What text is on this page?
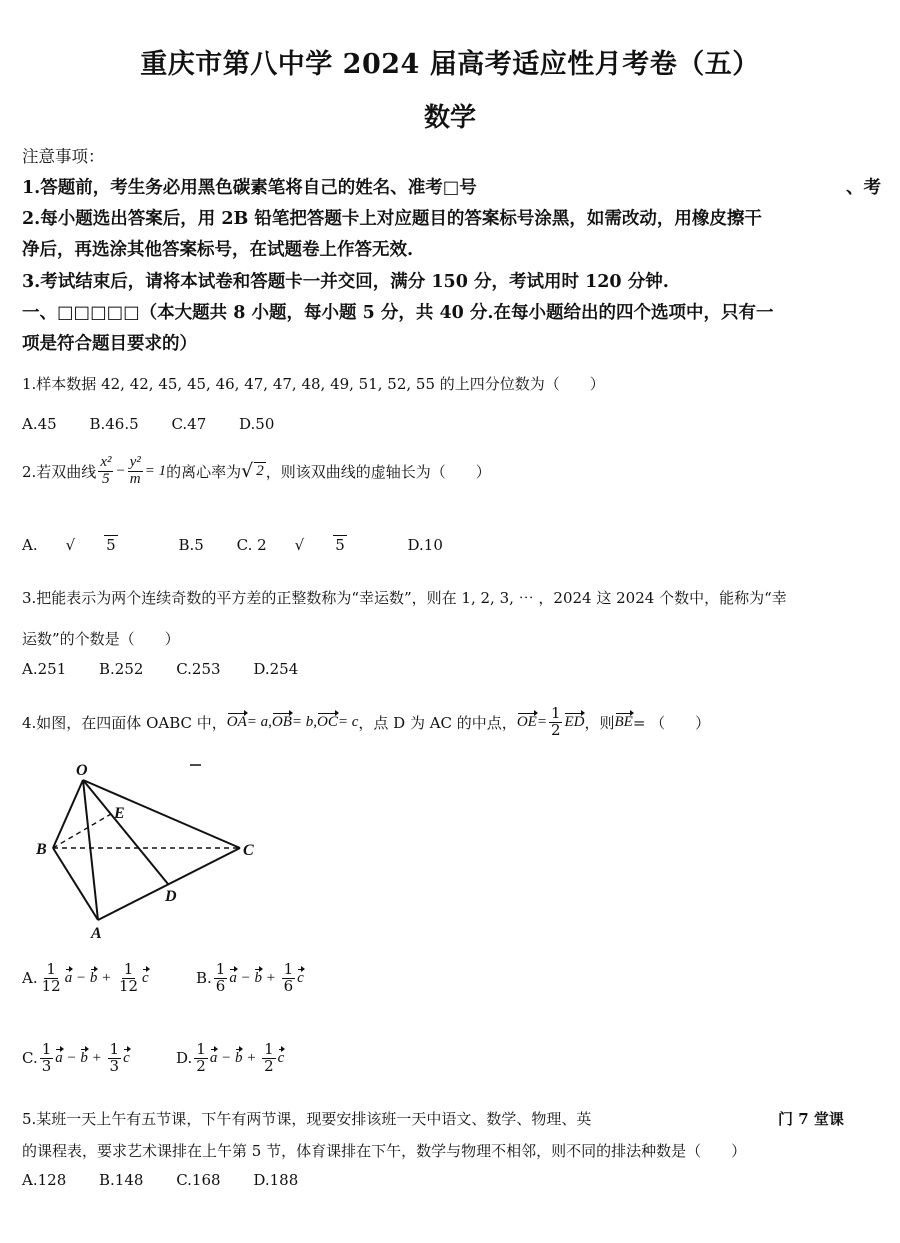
重庆市第八中学 2024 届高考适应性月考卷（五）
数学
注意事项：
1.答题前，考生务必用黑色碳素笔将自己的姓名、准考□号	、考
2.每小题选出答案后，用 2B 铅笔把答题卡上对应题目的答案标号涂黑，如需改动，用橡皮擦干
净后，再选涂其他答案标号，在试题卷上作答无效.
3.考试结束后，请将本试卷和答题卡一并交回，满分 150 分，考试用时 120 分钟.
一、□□□□□（本大题共 8 小题，每小题 5 分，共 40 分.在每小题给出的四个选项中，只有一
项是符合题目要求的）
1.样本数据 42, 42, 45, 45, 46, 47, 47, 48, 49, 51, 52, 55 的上四分位数为（　　）
A.45 B.46.5 C.47 D.50
2.若双曲线 $\frac{\text{x²}}{5} - \frac{\text{y²}}{m} = 1$ 的离心率为 √ 2 ，则该双曲线的虚轴长为（　　）
A. √ 5	B.5 C. 2 √ 5	D.10
3.把能表示为两个连续奇数的平方差的正整数称为“幸运数”，则在 1, 2, 3, ⋯ ，2024 这 2024 个数中，能称为“幸
运数”的个数是（　　）
A.251 B.252 C.253 D.254
4.如图，在四面体 OABC 中， OA = a, OB = b, OC = c ，点 D 为 AC 的中点， OE = $\frac{1}{2}$ ED ，则 BE = （　　）
O
E
B	C
D
A
A. $\frac{1}{12}$ $a - b + \frac{1}{12}$ c	B. $\frac{1}{6}$ $a - b + \frac{1}{6}$ c
C. $\frac{1}{3}$ $a - b + \frac{1}{3}$ c	D. $\frac{1}{2}$ $a - b + \frac{1}{2}$ c
5.某班一天上午有五节课，下午有两节课，现要安排该班一天中语文、数学、物理、英	门 7 堂课
的课程表，要求艺术课排在上午第 5 节，体育课排在下午，数学与物理不相邻，则不同的排法种数是（　　）
A.128 B.148 C.168 D.188
